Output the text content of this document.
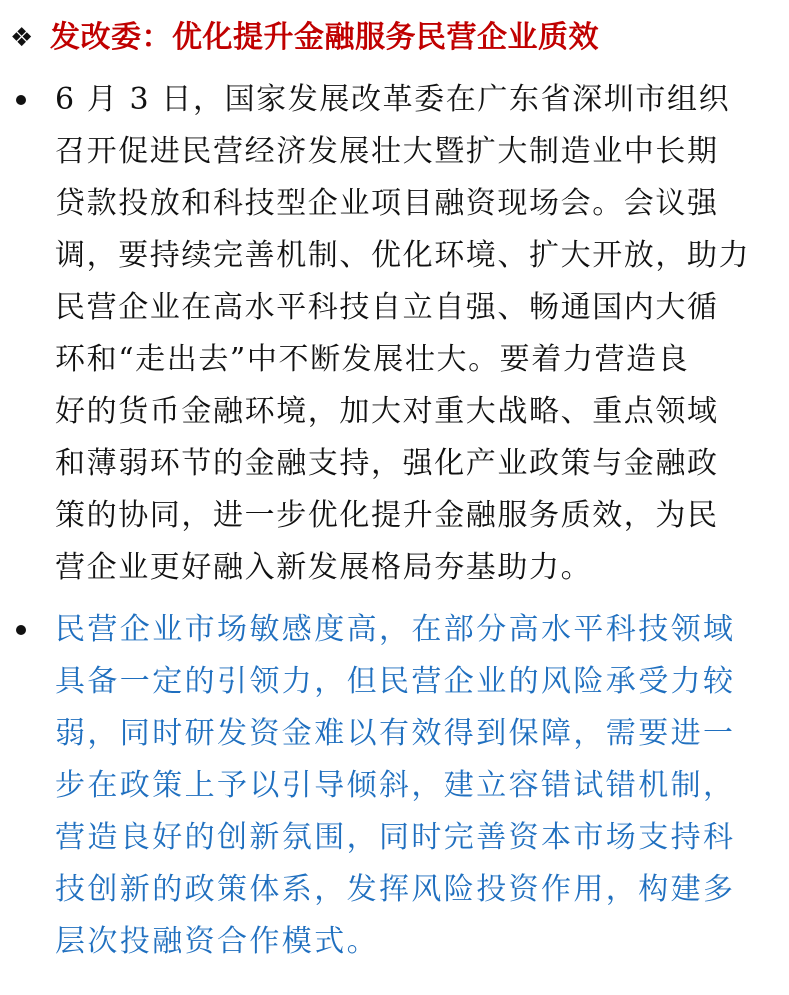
❖ 发改委：优化提升金融服务民营企业质效
6 月 3 日，国家发展改革委在广东省深圳市组织
召开促进民营经济发展壮大暨扩大制造业中长期
贷款投放和科技型企业项目融资现场会。会议强
调，要持续完善机制、优化环境、扩大开放，助力
民营企业在高水平科技自立自强、畅通国内大循
环和“走出去”中不断发展壮大。要着力营造良
好的货币金融环境，加大对重大战略、重点领域
和薄弱环节的金融支持，强化产业政策与金融政
策的协同，进一步优化提升金融服务质效，为民
营企业更好融入新发展格局夯基助力。
民营企业市场敏感度高，在部分高水平科技领域
具备一定的引领力，但民营企业的风险承受力较
弱，同时研发资金难以有效得到保障，需要进一
步在政策上予以引导倾斜，建立容错试错机制，
营造良好的创新氛围，同时完善资本市场支持科
技创新的政策体系，发挥风险投资作用，构建多
层次投融资合作模式。
